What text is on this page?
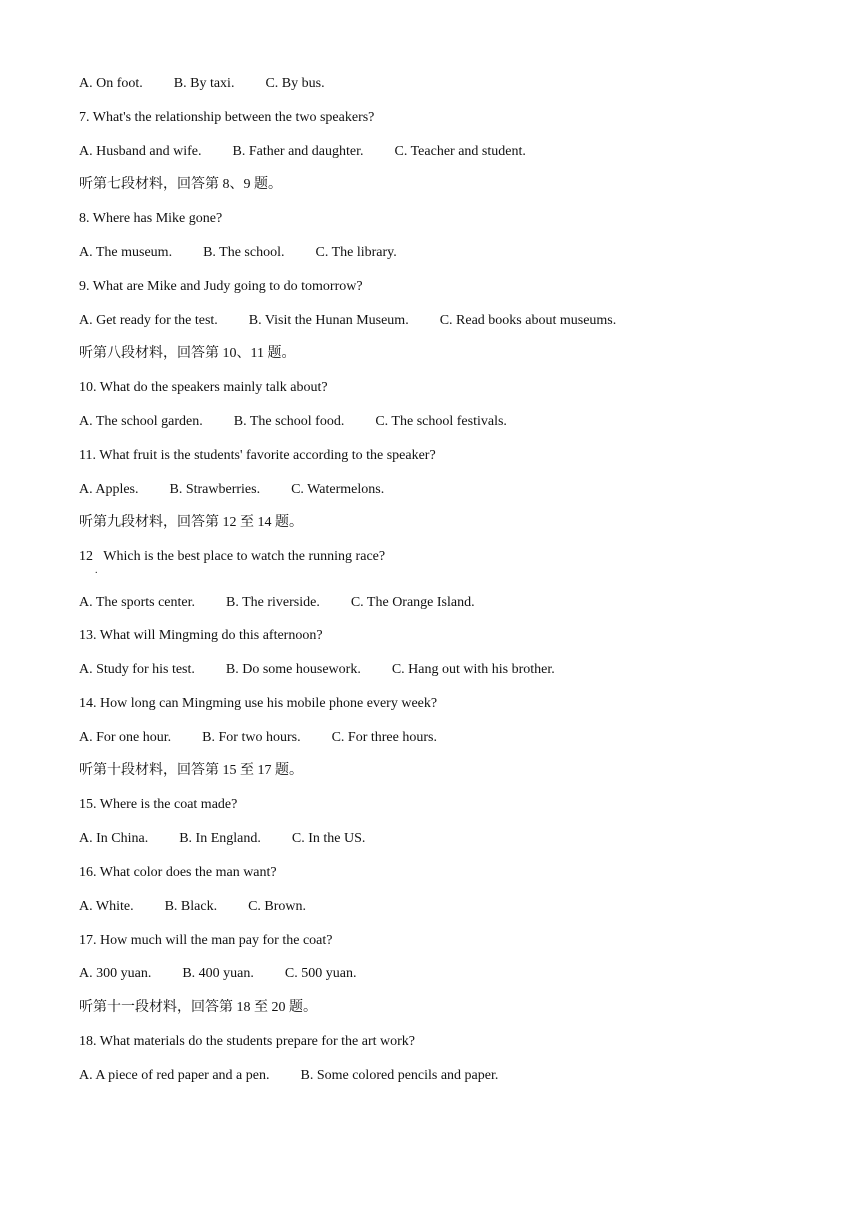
.
A. On foot. B. By taxi. C. By bus.
7. What's the relationship between the two speakers?
A. Husband and wife. B. Father and daughter. C. Teacher and student.
听第七段材料，回答第 8、9 题。
8. Where has Mike gone?
A. The museum. B. The school. C. The library.
9. What are Mike and Judy going to do tomorrow?
A. Get ready for the test. B. Visit the Hunan Museum. C. Read books about museums.
听第八段材料，回答第 10、11 题。
10. What do the speakers mainly talk about?
A. The school garden. B. The school food. C. The school festivals.
11. What fruit is the students' favorite according to the speaker?
A. Apples. B. Strawberries. C. Watermelons.
听第九段材料，回答第 12 至 14 题。
12   Which is the best place to watch the running race?
A. The sports center. B. The riverside. C. The Orange Island.
13. What will Mingming do this afternoon?
A. Study for his test. B. Do some housework. C. Hang out with his brother.
14. How long can Mingming use his mobile phone every week?
A. For one hour. B. For two hours. C. For three hours.
听第十段材料，回答第 15 至 17 题。
15. Where is the coat made?
A. In China. B. In England. C. In the US.
16. What color does the man want?
A. White. B. Black. C. Brown.
17. How much will the man pay for the coat?
A. 300 yuan. B. 400 yuan. C. 500 yuan.
听第十一段材料，回答第 18 至 20 题。
18. What materials do the students prepare for the art work?
A. A piece of red paper and a pen. B. Some colored pencils and paper.
